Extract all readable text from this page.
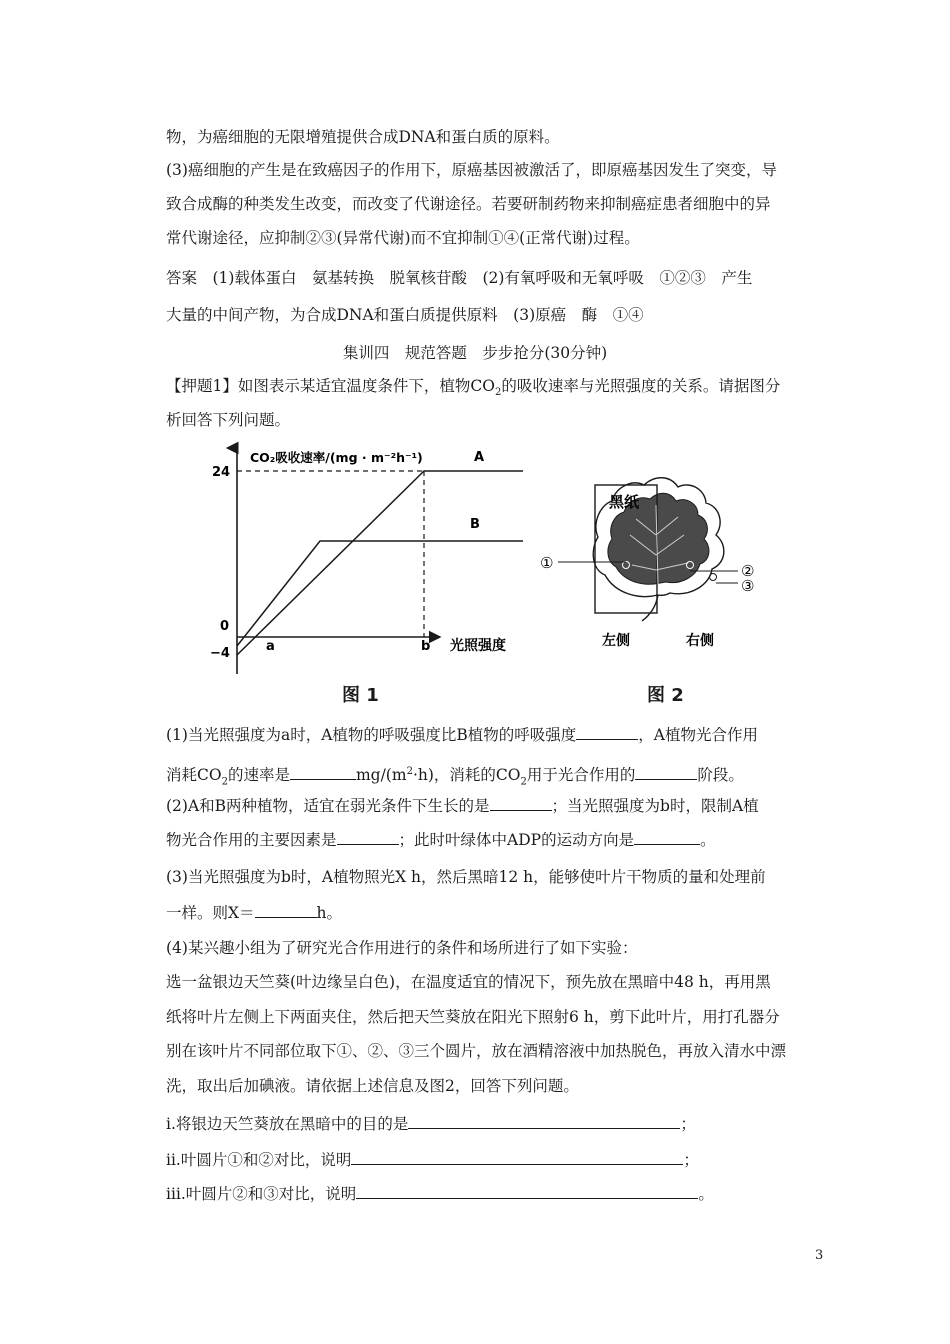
物，为癌细胞的无限增殖提供合成DNA和蛋白质的原料。
(3)癌细胞的产生是在致癌因子的作用下，原癌基因被激活了，即原癌基因发生了突变，导
致合成酶的种类发生改变，而改变了代谢途径。若要研制药物来抑制癌症患者细胞中的异
常代谢途径，应抑制②③(异常代谢)而不宜抑制①④(正常代谢)过程。
答案　(1)载体蛋白　氨基转换　脱氧核苷酸　(2)有氧呼吸和无氧呼吸　①②③　产生
大量的中间产物，为合成DNA和蛋白质提供原料　(3)原癌　酶　①④
集训四　规范答题　步步抢分(30分钟)
【押题1】如图表示某适宜温度条件下，植物$CO_2$的吸收速率与光照强度的关系。请据图分
析回答下列问题。
24
0
−4	a	b 光照强度
CO₂吸收速率/(mg · m⁻²h⁻¹)	A
B
图 1
黑纸
①	②
③
左侧	右侧
图 2
(1)当光照强度为a时，A植物的呼吸强度比B植物的呼吸强度	，A植物光合作用
消耗$CO_2$的速率是	$mg/(m^2\cdot h)$，消耗的$CO_2$用于光合作用的	阶段。
(2)A和B两种植物，适宜在弱光条件下生长的是	；当光照强度为b时，限制A植
物光合作用的主要因素是	；此时叶绿体中ADP的运动方向是	。
(3)当光照强度为b时，A植物照光X h，然后黑暗12 h，能够使叶片干物质的量和处理前
一样。则X＝	h。
(4)某兴趣小组为了研究光合作用进行的条件和场所进行了如下实验：
选一盆银边天竺葵(叶边缘呈白色)，在温度适宜的情况下，预先放在黑暗中48 h，再用黑
纸将叶片左侧上下两面夹住，然后把天竺葵放在阳光下照射6 h，剪下此叶片，用打孔器分
别在该叶片不同部位取下①、②、③三个圆片，放在酒精溶液中加热脱色，再放入清水中漂
洗，取出后加碘液。请依据上述信息及图2，回答下列问题。
ⅰ.将银边天竺葵放在黑暗中的目的是	；
ⅱ.叶圆片①和②对比，说明	；
ⅲ.叶圆片②和③对比，说明	。
3
